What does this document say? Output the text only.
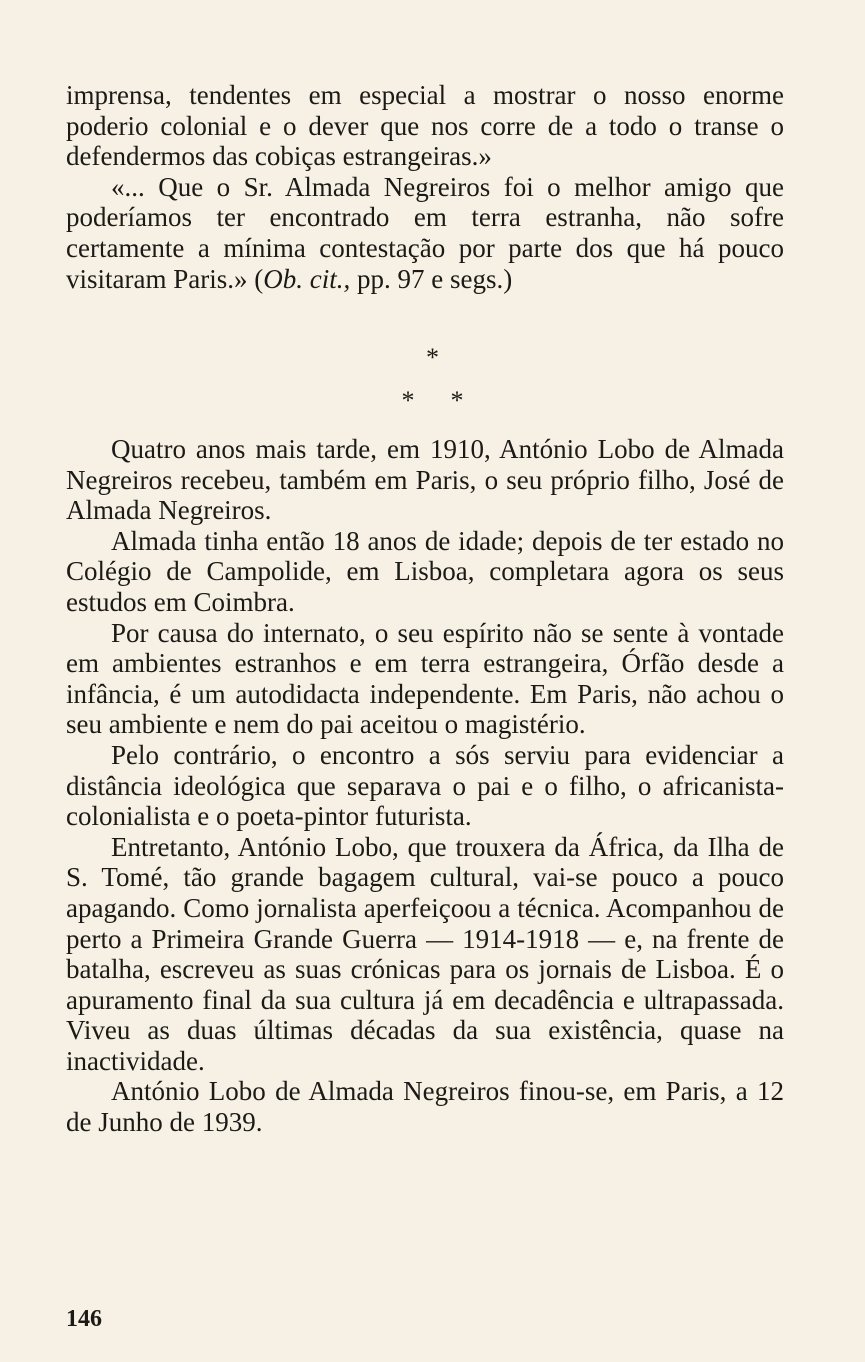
imprensa, tendentes em especial a mostrar o nosso enorme poderio colonial e o dever que nos corre de a todo o transe o defendermos das cobiças estrangeiras.»

«... Que o Sr. Almada Negreiros foi o melhor amigo que poderíamos ter encontrado em terra estranha, não sofre certamente a mínima contestação por parte dos que há pouco visitaram Paris.» (Ob. cit., pp. 97 e segs.)

*
* *

Quatro anos mais tarde, em 1910, António Lobo de Almada Negreiros recebeu, também em Paris, o seu próprio filho, José de Almada Negreiros.

Almada tinha então 18 anos de idade; depois de ter estado no Colégio de Campolide, em Lisboa, completara agora os seus estudos em Coimbra.

Por causa do internato, o seu espírito não se sente à vontade em ambientes estranhos e em terra estrangeira, Órfão desde a infância, é um autodidacta independente. Em Paris, não achou o seu ambiente e nem do pai aceitou o magistério.

Pelo contrário, o encontro a sós serviu para evidenciar a distância ideológica que separava o pai e o filho, o africanista-colonialista e o poeta-pintor futurista.

Entretanto, António Lobo, que trouxera da África, da Ilha de S. Tomé, tão grande bagagem cultural, vai-se pouco a pouco apagando. Como jornalista aperfeiçoou a técnica. Acompanhou de perto a Primeira Grande Guerra — 1914-1918 — e, na frente de batalha, escreveu as suas crónicas para os jornais de Lisboa. É o apuramento final da sua cultura já em decadência e ultrapassada. Viveu as duas últimas décadas da sua existência, quase na inactividade.

António Lobo de Almada Negreiros finou-se, em Paris, a 12 de Junho de 1939.

146
